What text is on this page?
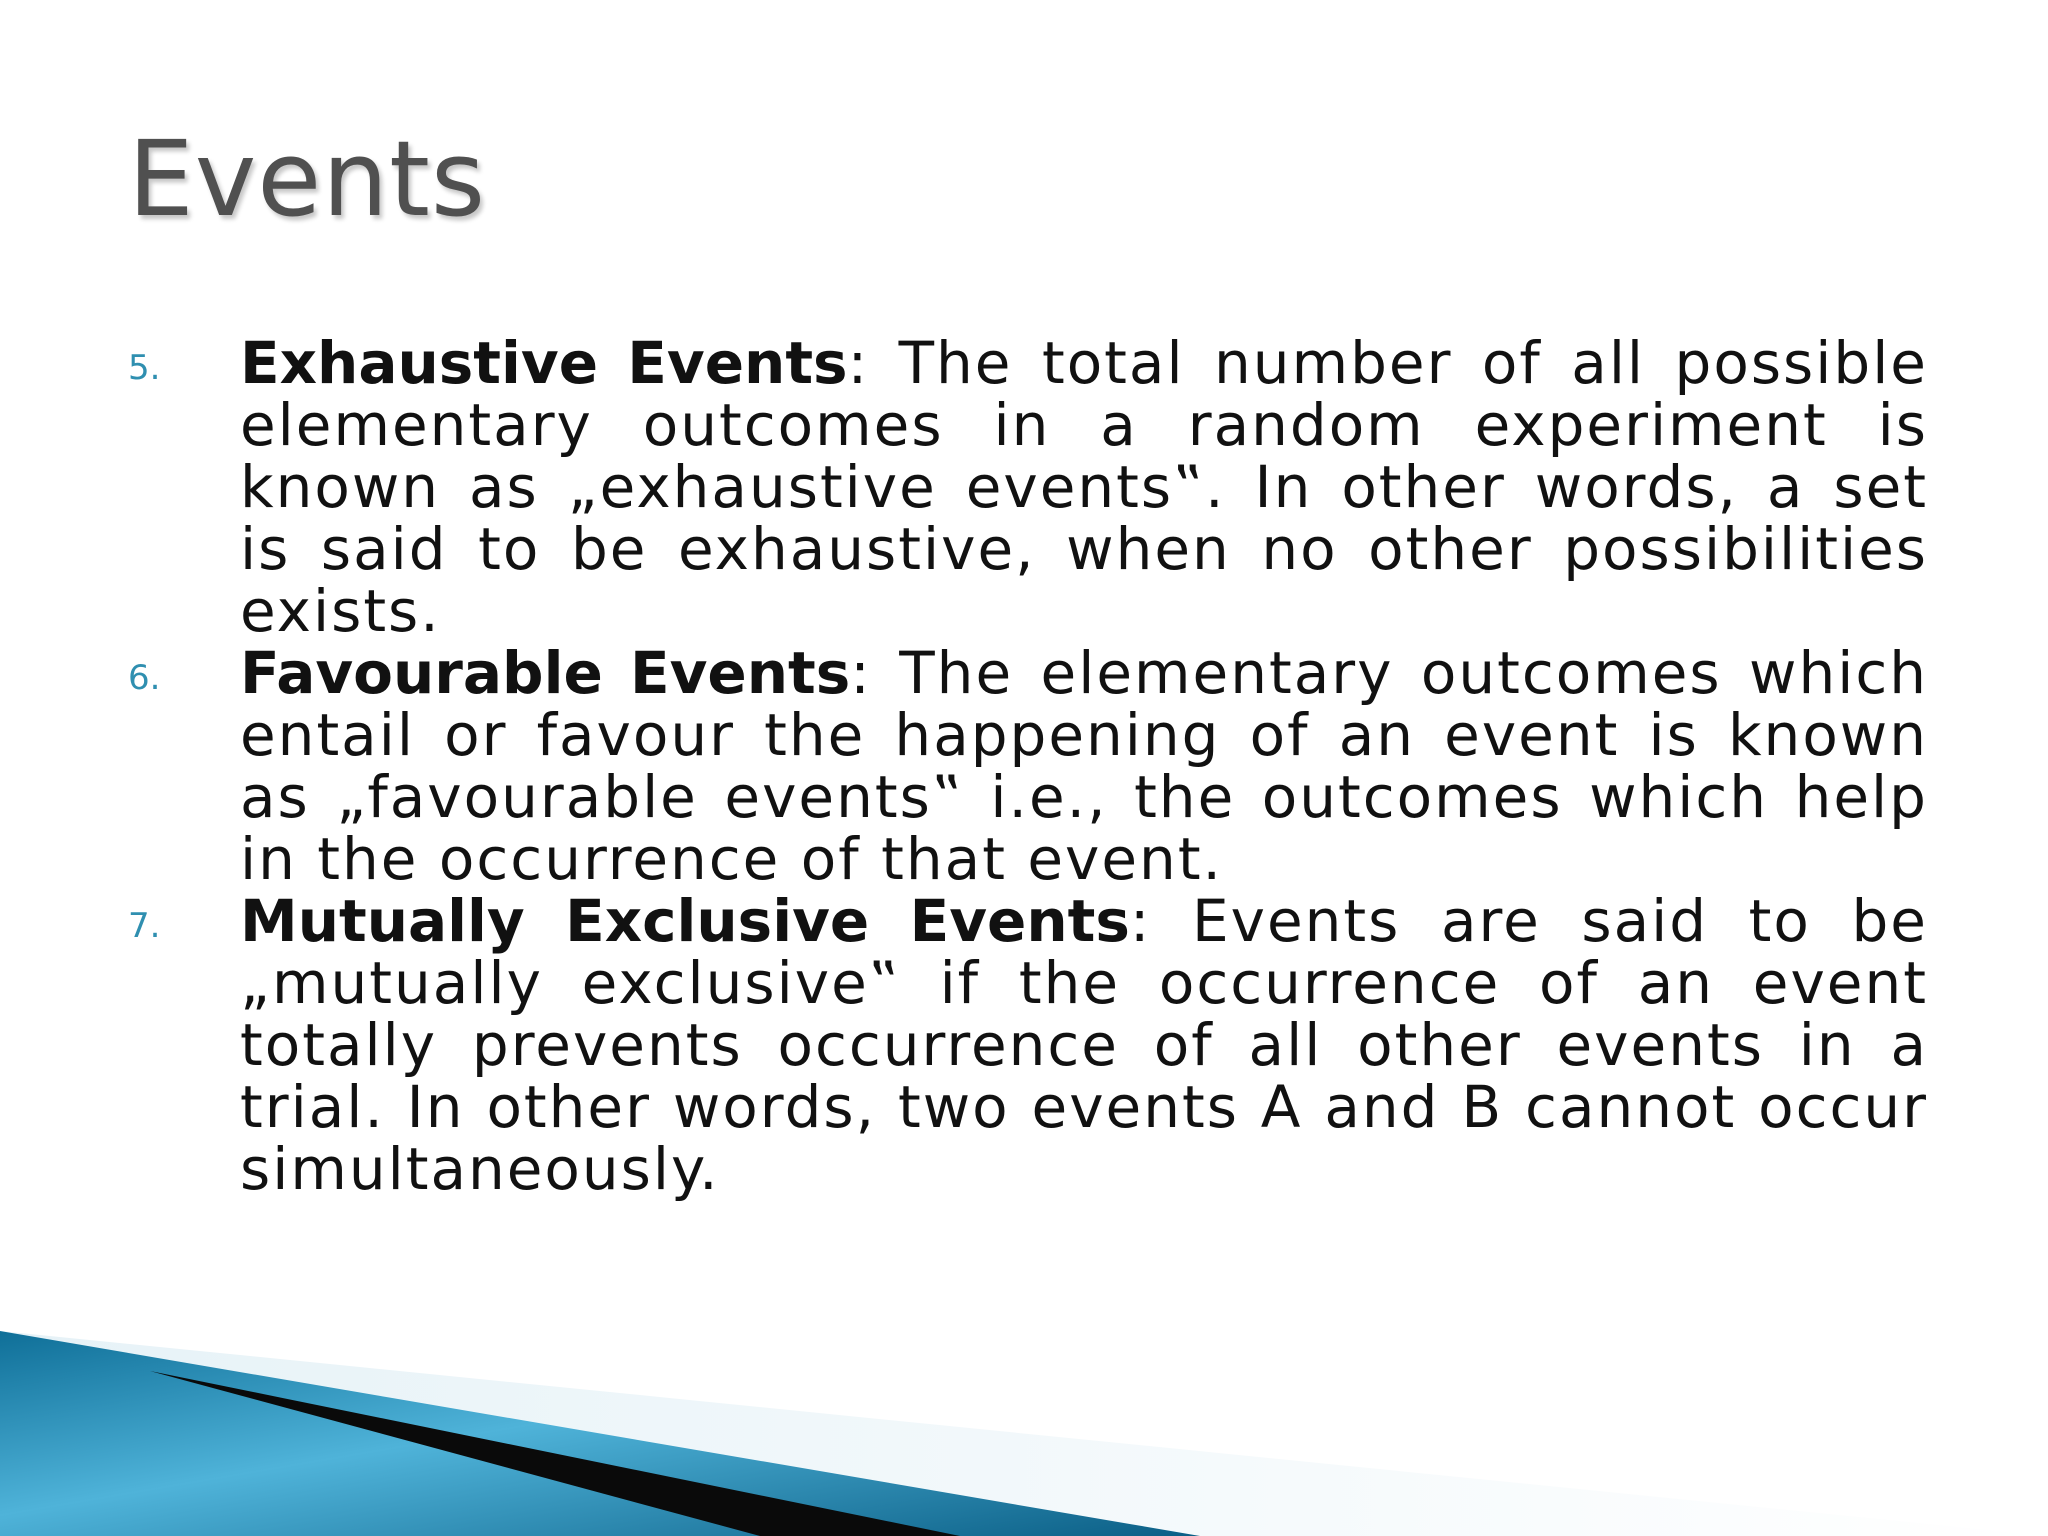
Events
5. Exhaustive Events: The total number of all possible elementary outcomes in a random experiment is known as „exhaustive events‟. In other words, a set is said to be exhaustive, when no other possibilities exists.

6. Favourable Events: The elementary outcomes which entail or favour the happening of an event is known as „favourable events‟ i.e., the outcomes which help in the occurrence of that event.

7. Mutually Exclusive Events: Events are said to be „mutually exclusive‟ if the occurrence of an event totally prevents occurrence of all other events in a trial. In other words, two events A and B cannot occur simultaneously.
